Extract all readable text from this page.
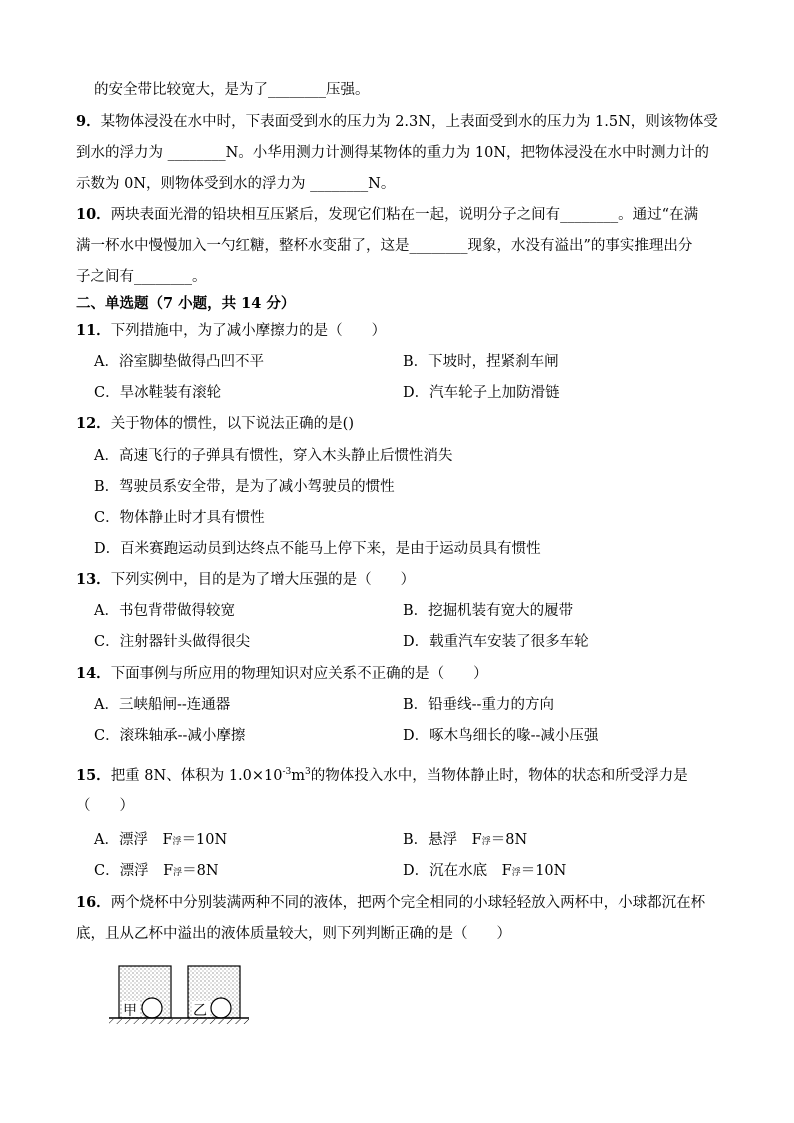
的安全带比较宽大，是为了________压强。
9．某物体浸没在水中时，下表面受到水的压力为 2.3N，上表面受到水的压力为 1.5N，则该物体受
到水的浮力为 ________N。小华用测力计测得某物体的重力为 10N，把物体浸没在水中时测力计的
示数为 0N，则物体受到水的浮力为 ________N。
10．两块表面光滑的铅块相互压紧后，发现它们粘在一起，说明分子之间有________。通过“在满
满一杯水中慢慢加入一勺红糖，整杯水变甜了，这是________现象，水没有溢出”的事实推理出分
子之间有________。
二、单选题（7 小题，共 14 分）
11．下列措施中，为了减小摩擦力的是（　　）
A．浴室脚垫做得凸凹不平	B．下坡时，捏紧刹车闸
C．旱冰鞋装有滚轮	D．汽车轮子上加防滑链
12．关于物体的惯性，以下说法正确的是()
A．高速飞行的子弹具有惯性，穿入木头静止后惯性消失
B．驾驶员系安全带，是为了减小驾驶员的惯性
C．物体静止时才具有惯性
D．百米赛跑运动员到达终点不能马上停下来，是由于运动员具有惯性
13．下列实例中，目的是为了增大压强的是（　　）
A．书包背带做得较宽	B．挖掘机装有宽大的履带
C．注射器针头做得很尖	D．载重汽车安装了很多车轮
14．下面事例与所应用的物理知识对应关系不正确的是（　　）
A．三峡船闸--连通器	B．铅垂线--重力的方向
C．滚珠轴承--减小摩擦	D．啄木鸟细长的喙--减小压强
15．把重 8N、体积为 $1.0\times 10^{-3}m^3$的物体投入水中，当物体静止时，物体的状态和所受浮力是
（　　）
A．漂浮　F浮＝10N	B．悬浮　F浮＝8N
C．漂浮　F浮＝8N	D．沉在水底　F浮＝10N
16．两个烧杯中分别装满两种不同的液体，把两个完全相同的小球轻轻放入两杯中，小球都沉在杯
底，且从乙杯中溢出的液体质量较大，则下列判断正确的是（　　）
甲	乙
